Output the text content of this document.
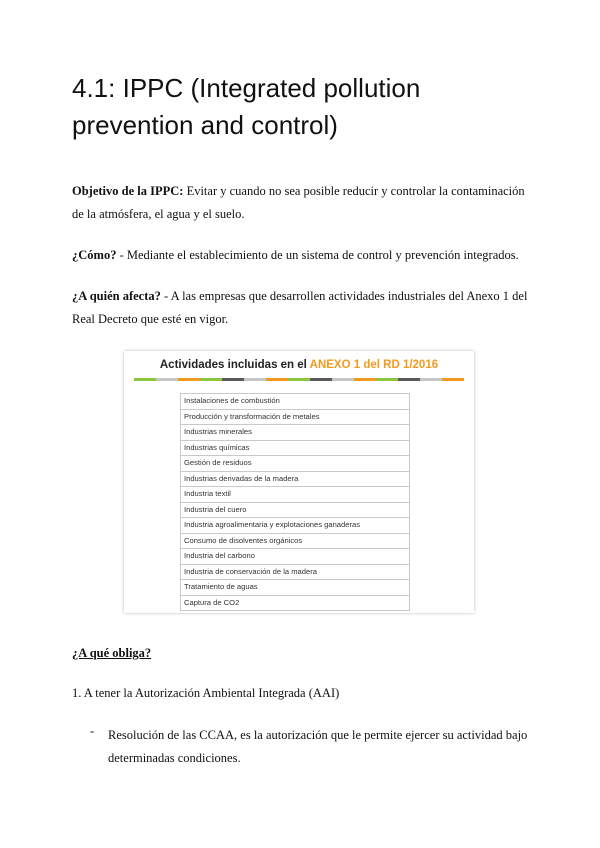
4.1: IPPC (Integrated pollution prevention and control)

Objetivo de la IPPC: Evitar y cuando no sea posible reducir y controlar la contaminación de la atmósfera, el agua y el suelo.

¿Cómo? - Mediante el establecimiento de un sistema de control y prevención integrados.

¿A quién afecta? - A las empresas que desarrollen actividades industriales del Anexo 1 del Real Decreto que esté en vigor.

Actividades incluidas en el ANEXO 1 del RD 1/2016
Instalaciones de combustión
Producción y transformación de metales
Industrias minerales
Industrias químicas
Gestión de residuos
Industrias derivadas de la madera
Industria textil
Industria del cuero
Industria agroalimentaria y explotaciones ganaderas
Consumo de disolventes orgánicos
Industria del carbono
Industria de conservación de la madera
Tratamiento de aguas
Captura de CO2

¿A qué obliga?

1. A tener la Autorización Ambiental Integrada (AAI)

- Resolución de las CCAA, es la autorización que le permite ejercer su actividad bajo determinadas condiciones.
